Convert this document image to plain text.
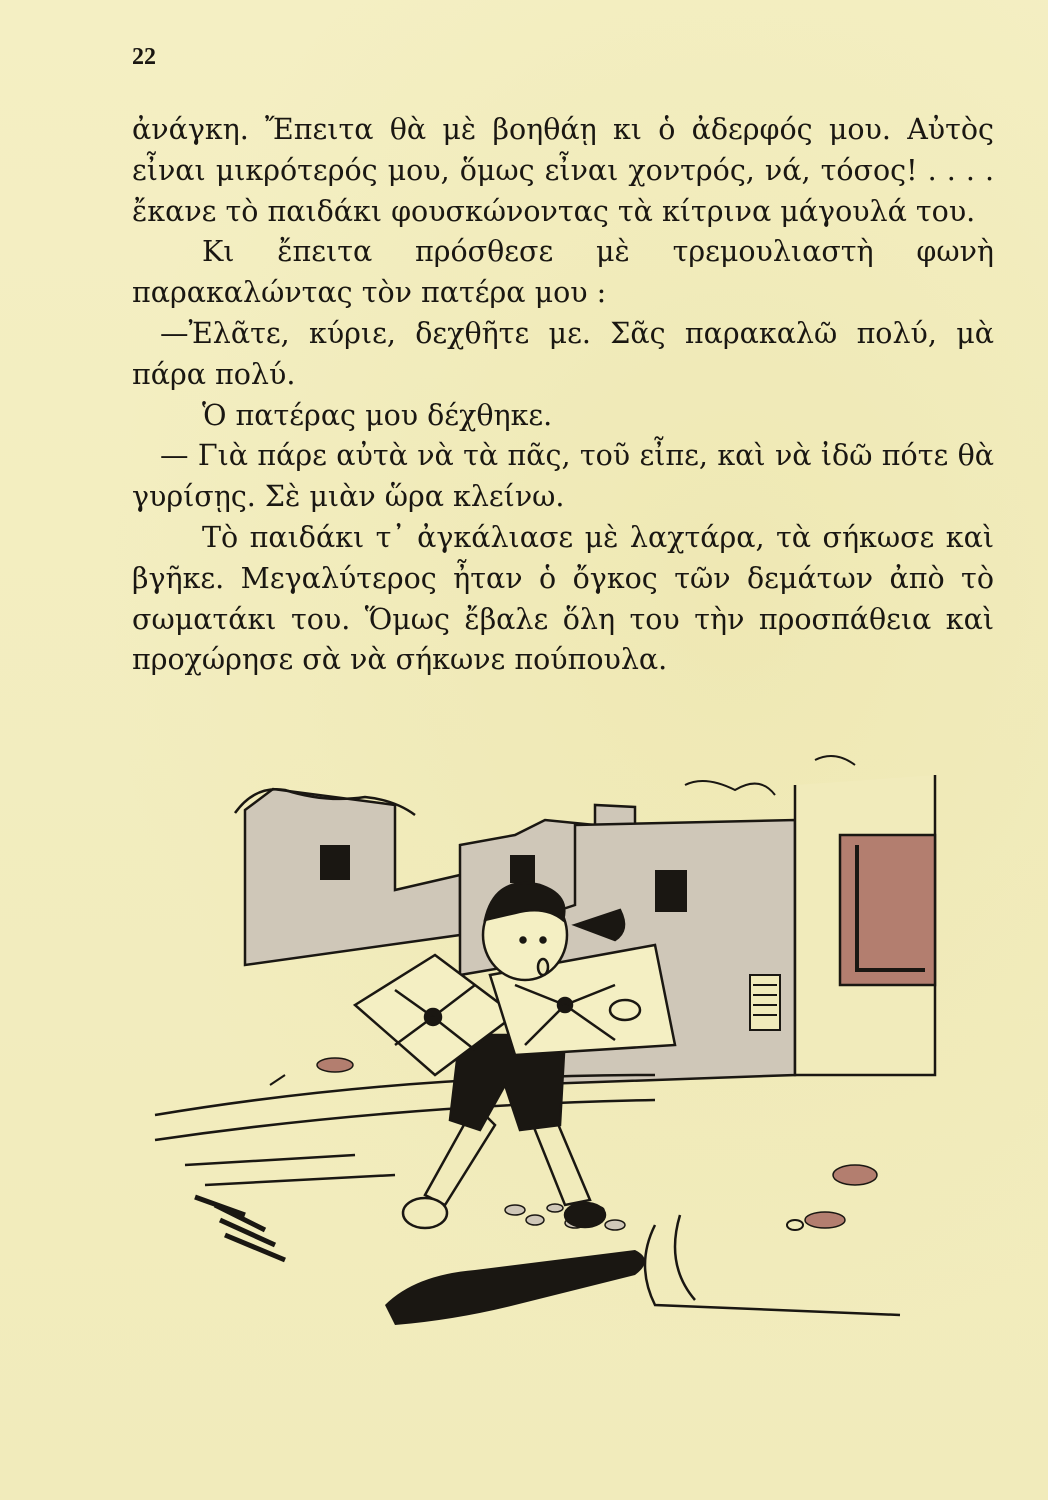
22

ἀνάγκη. Ἔπειτα θὰ μὲ βοηθάῃ κι ὁ ἀδερφός μου. Αὐτὸς εἶναι μικρότερός μου, ὅμως εἶναι χοντρός, νά, τόσος! . . . . ἔκανε τὸ παιδάκι φουσκώνοντας τὰ κίτρινα μάγουλά του.

Κι ἔπειτα πρόσθεσε μὲ τρεμουλιαστὴ φωνὴ παρακαλώντας τὸν πατέρα μου :

—Ἐλᾶτε, κύριε, δεχθῆτε με. Σᾶς παρακαλῶ πολύ, μὰ πάρα πολύ.

Ὁ πατέρας μου δέχθηκε.

— Γιὰ πάρε αὐτὰ νὰ τὰ πᾶς, τοῦ εἶπε, καὶ νὰ ἰδῶ πότε θὰ γυρίσῃς. Σὲ μιὰν ὥρα κλείνω.

Τὸ παιδάκι τ᾽ ἀγκάλιασε μὲ λαχτάρα, τὰ σήκωσε καὶ βγῆκε. Μεγαλύτερος ἦταν ὁ ὄγκος τῶν δεμάτων ἀπὸ τὸ σωματάκι του. Ὅμως ἔβαλε ὅλη του τὴν προσπάθεια καὶ προχώρησε σὰ νὰ σήκωνε πούπουλα.
